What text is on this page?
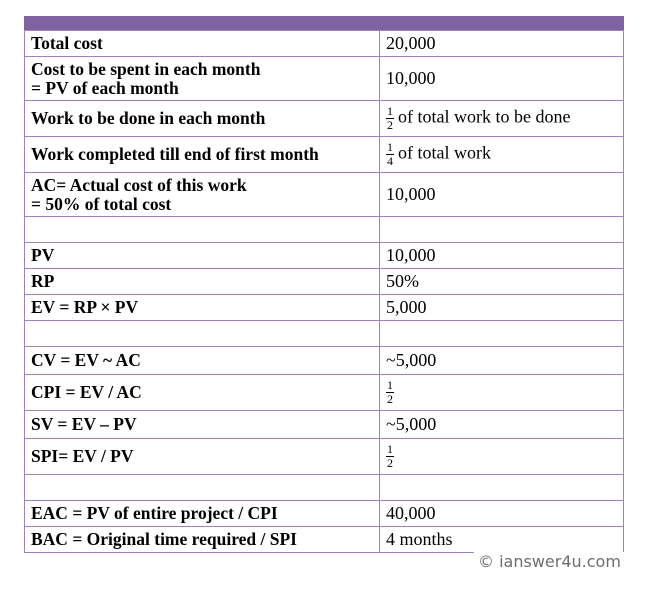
Total cost	20,000

Cost to be spent in each month
= PV of each month	10,000
Work to be done in each month	$\frac{1}{2}$ of total work to be done
Work completed till end of first month	$\frac{1}{4}$ of total work

AC= Actual cost of this work
= 50% of total cost	10,000

PV	10,000
RP	50%
EV = RP × PV	5,000

CV = EV ~ AC	~5,000
CPI = EV / AC	$\frac{1}{2}$

SV = EV – PV	~5,000
SPI= EV / PV	$\frac{1}{2}$

EAC = PV of entire project / CPI	40,000
BAC = Original time required / SPI	4 months
© ianswer4u.com
